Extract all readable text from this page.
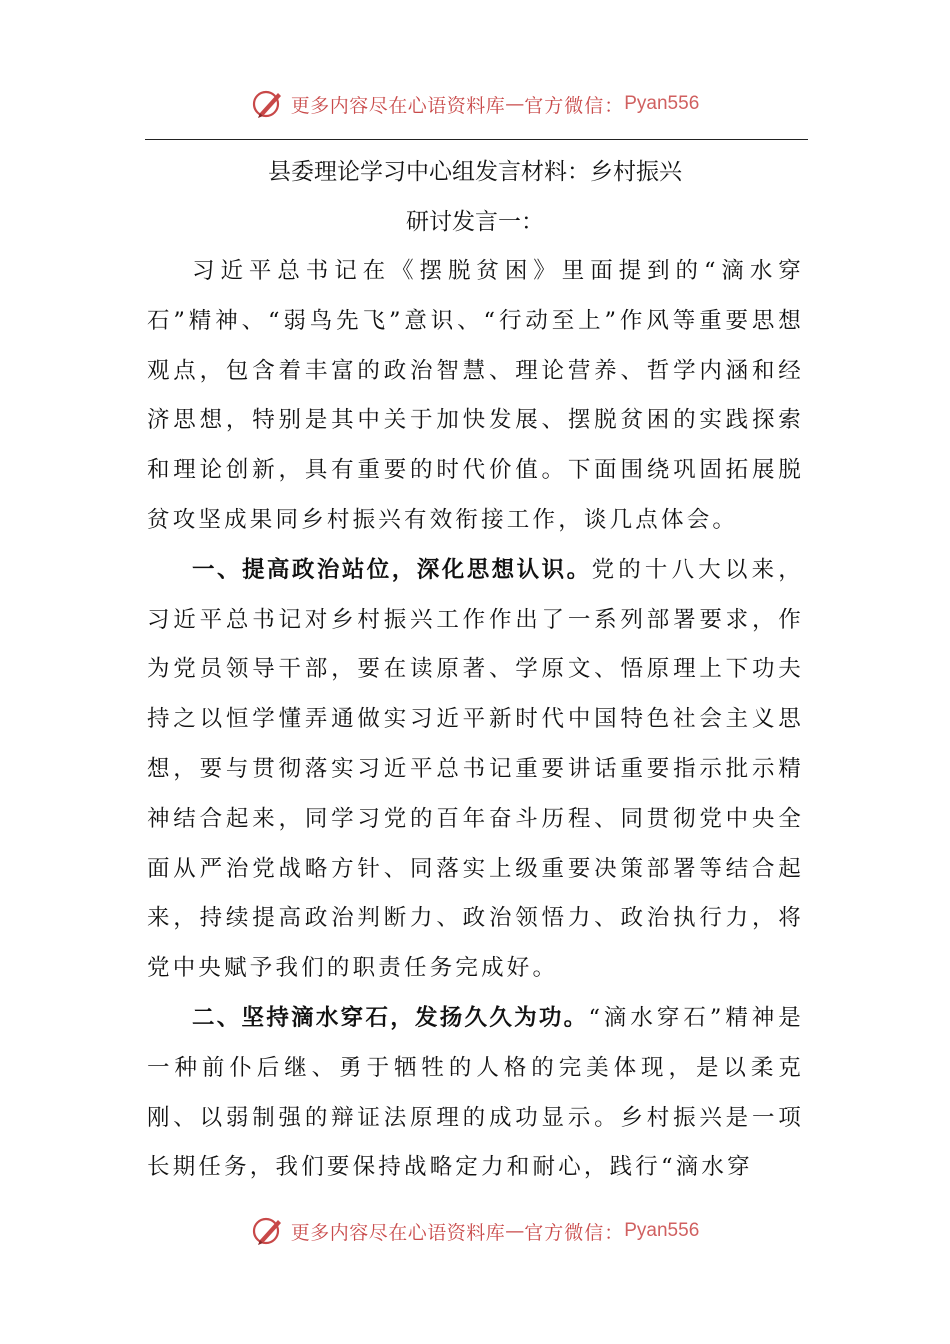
更多内容尽在心语资料库 — 官方微信： Pyan556
县委理论学习中心组发言材料：乡村振兴
研讨发言一：

习近平总书记在《摆脱贫困》里面提到的“滴水穿石”精神、“弱鸟先飞”意识、“行动至上”作风等重要思想观点，包含着丰富的政治智慧、理论营养、哲学内涵和经济思想，特别是其中关于加快发展、摆脱贫困的实践探索和理论创新，具有重要的时代价值。下面围绕巩固拓展脱贫攻坚成果同乡村振兴有效衔接工作，谈几点体会。

一、提高政治站位，深化思想认识。党的十八大以来，习近平总书记对乡村振兴工作作出了一系列部署要求，作为党员领导干部，要在读原著、学原文、悟原理上下功夫持之以恒学懂弄通做实习近平新时代中国特色社会主义思想，要与贯彻落实习近平总书记重要讲话重要指示批示精神结合起来，同学习党的百年奋斗历程、同贯彻党中央全面从严治党战略方针、同落实上级重要决策部署等结合起来，持续提高政治判断力、政治领悟力、政治执行力，将党中央赋予我们的职责任务完成好。

二、坚持滴水穿石，发扬久久为功。“滴水穿石”精神是一种前仆后继、勇于牺牲的人格的完美体现，是以柔克刚、以弱制强的辩证法原理的成功显示。乡村振兴是一项长期任务，我们要保持战略定力和耐心，践行“滴水穿

更多内容尽在心语资料库 — 官方微信： Pyan556
